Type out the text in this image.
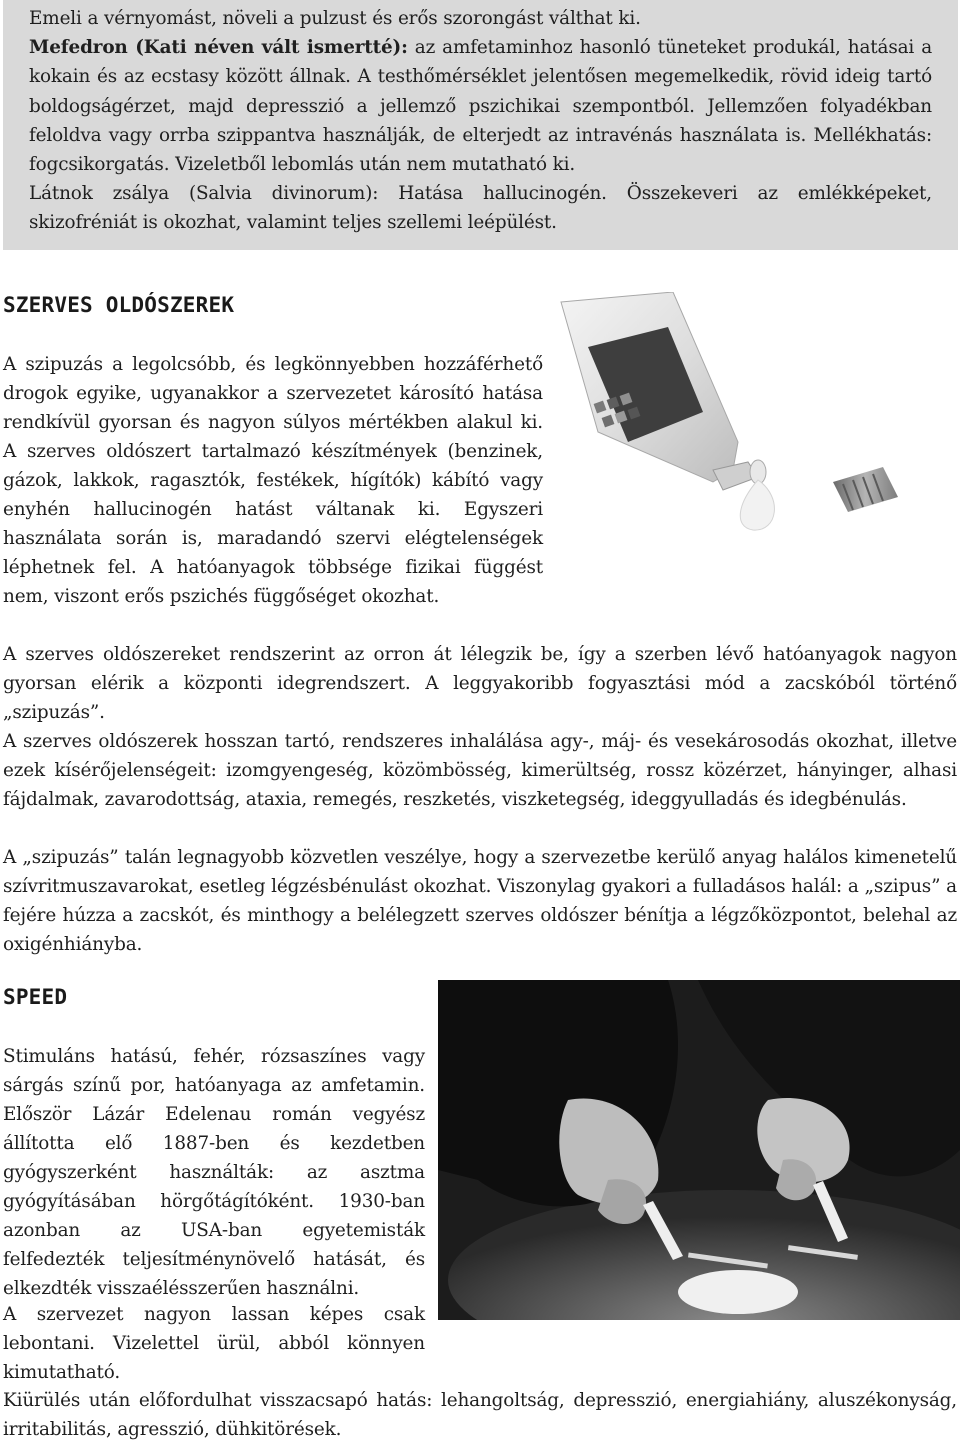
Emeli a vérnyomást, növeli a pulzust és erős szorongást válthat ki.

Mefedron (Kati néven vált ismertté): az amfetaminhoz hasonló tüneteket produkál, hatásai a kokain és az ecstasy között állnak. A testhőmérséklet jelentősen megemelkedik, rövid ideig tartó boldogságérzet, majd depresszió a jellemző pszichikai szempontból. Jellemzően folyadékban feloldva vagy orrba szippantva használják, de elterjedt az intravénás használata is. Mellékhatás: fogcsikorgatás. Vizeletből lebomlás után nem mutatható ki.

Látnok zsálya (Salvia divinorum): Hatása hallucinogén. Összekeveri az emlékképeket, skizofréniát is okozhat, valamint teljes szellemi leépülést.

SZERVES OLDÓSZEREK

A szipuzás a legolcsóbb, és legkönnyebben hozzáférhető drogok egyike, ugyanakkor a szervezetet károsító hatása rendkívül gyorsan és nagyon súlyos mértékben alakul ki. A szerves oldószert tartalmazó készítmények (benzinek, gázok, lakkok, ragasztók, festékek, hígítók) kábító vagy enyhén hallucinogén hatást váltanak ki. Egyszeri használata során is, maradandó szervi elégtelenségek léphetnek fel. A hatóanyagok többsége fizikai függést nem, viszont erős pszichés függőséget okozhat.

A szerves oldószereket rendszerint az orron át lélegzik be, így a szerben lévő hatóanyagok nagyon gyorsan elérik a központi idegrendszert. A leggyakoribb fogyasztási mód a zacskóból történő „szipuzás”.

A szerves oldószerek hosszan tartó, rendszeres inhalálása agy-, máj- és vesekárosodás okozhat, illetve ezek kísérőjelenségeit: izomgyengeség, közömbösség, kimerültség, rossz közérzet, hányinger, alhasi fájdalmak, zavarodottság, ataxia, remegés, reszketés, viszketegség, ideggyulladás és idegbénulás.

A „szipuzás” talán legnagyobb közvetlen veszélye, hogy a szervezetbe kerülő anyag halálos kimenetelű szívritmuszavarokat, esetleg légzésbénulást okozhat. Viszonylag gyakori a fulladásos halál: a „szipus” a fejére húzza a zacskót, és minthogy a belélegzett szerves oldószer bénítja a légzőközpontot, belehal az oxigénhiányba.

SPEED

Stimuláns hatású, fehér, rózsaszínes vagy sárgás színű por, hatóanyaga az amfetamin. Először Lázár Edelenau román vegyész állította elő 1887-ben és kezdetben gyógyszerként használták: az asztma gyógyításában hörgőtágítóként. 1930-ban azonban az USA-ban egyetemisták felfedezték teljesítménynövelő hatását, és elkezdték visszaélésszerűen használni.

A szervezet nagyon lassan képes csak lebontani. Vizelettel ürül, abból könnyen kimutatható.

Kiürülés után előfordulhat visszacsapó hatás: lehangoltság, depresszió, energiahiány, aluszékonyság, irritabilitás, agresszió, dühkitörések.
